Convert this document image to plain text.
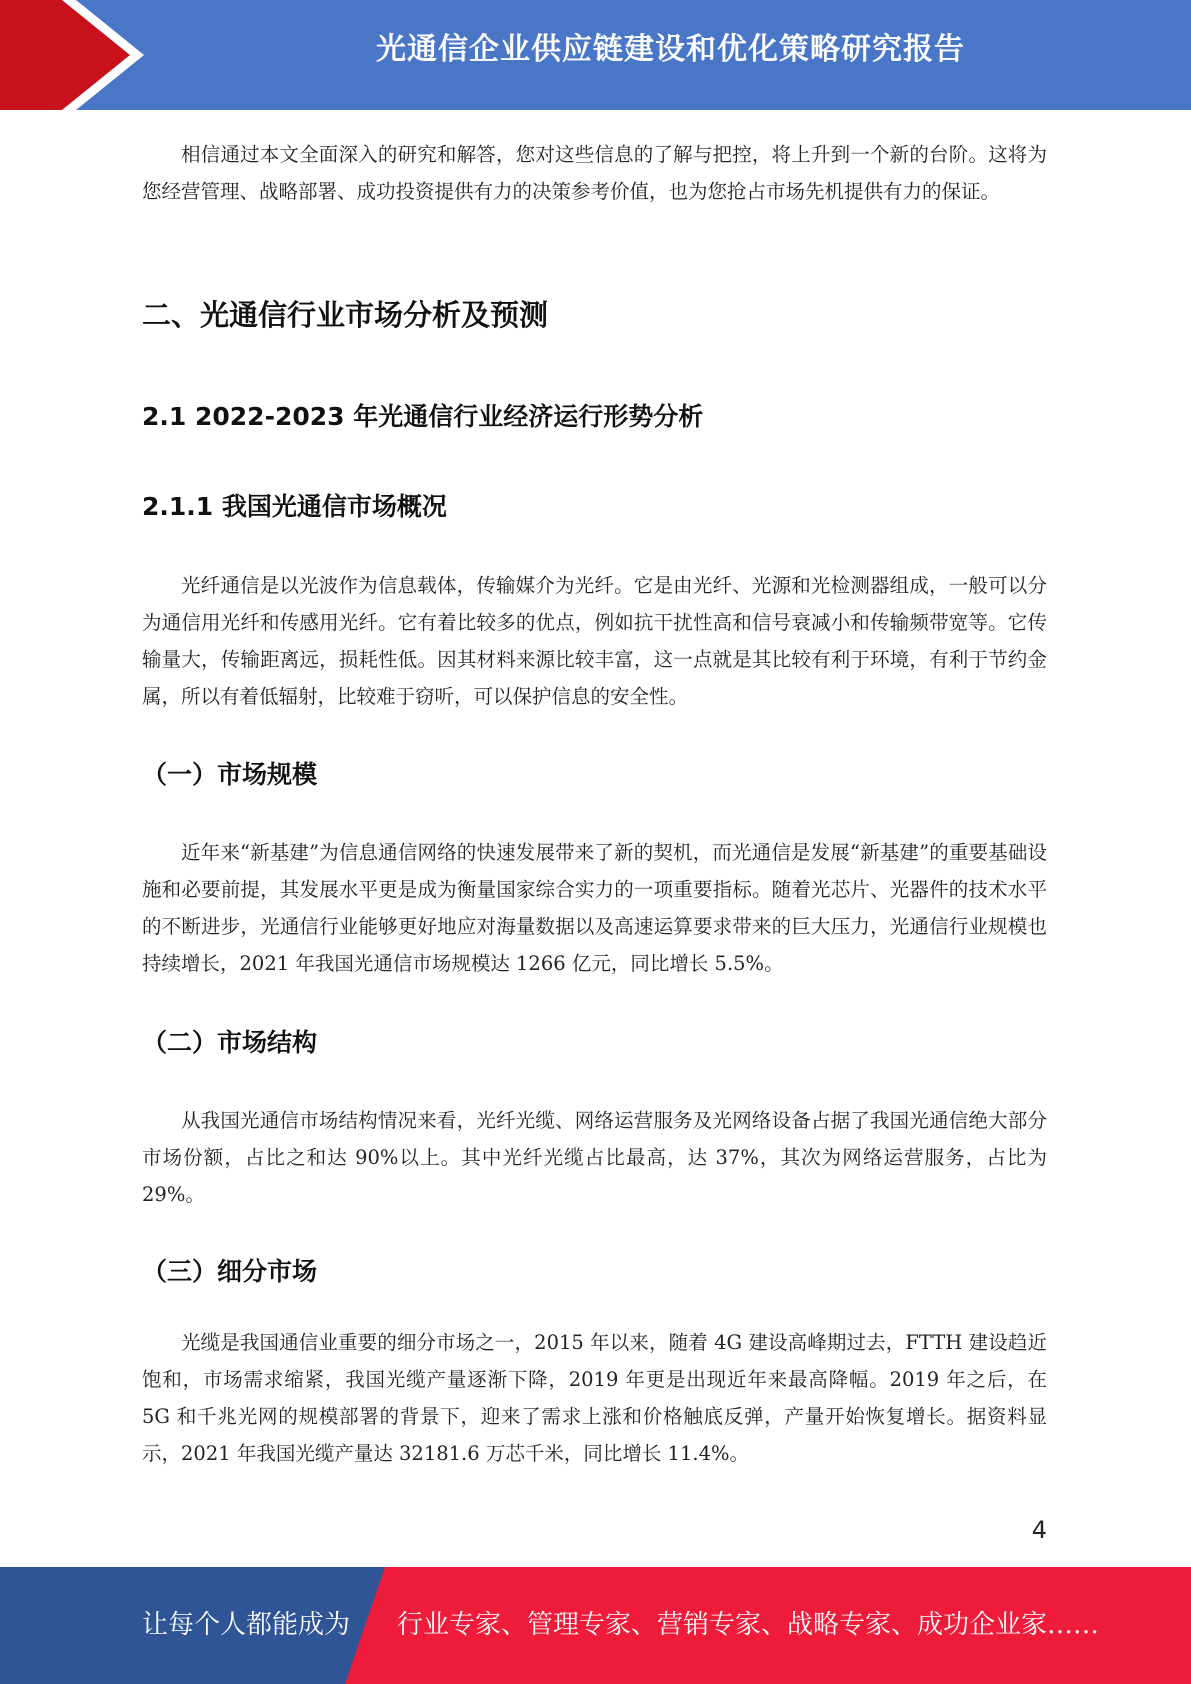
光通信企业供应链建设和优化策略研究报告

相信通过本文全面深入的研究和解答，您对这些信息的了解与把控，将上升到一个新的台阶。这将为您经营管理、战略部署、成功投资提供有力的决策参考价值，也为您抢占市场先机提供有力的保证。

二、光通信行业市场分析及预测
2.1 2022-2023 年光通信行业经济运行形势分析
2.1.1 我国光通信市场概况

光纤通信是以光波作为信息载体，传输媒介为光纤。它是由光纤、光源和光检测器组成，一般可以分为通信用光纤和传感用光纤。它有着比较多的优点，例如抗干扰性高和信号衰减小和传输频带宽等。它传输量大，传输距离远，损耗性低。因其材料来源比较丰富，这一点就是其比较有利于环境，有利于节约金属，所以有着低辐射，比较难于窃听，可以保护信息的安全性。

（一）市场规模

近年来“新基建”为信息通信网络的快速发展带来了新的契机，而光通信是发展“新基建”的重要基础设施和必要前提，其发展水平更是成为衡量国家综合实力的一项重要指标。随着光芯片、光器件的技术水平的不断进步，光通信行业能够更好地应对海量数据以及高速运算要求带来的巨大压力，光通信行业规模也持续增长，2021 年我国光通信市场规模达 1266 亿元，同比增长 5.5%。

（二）市场结构

从我国光通信市场结构情况来看，光纤光缆、网络运营服务及光网络设备占据了我国光通信绝大部分市场份额，占比之和达 90%以上。其中光纤光缆占比最高，达 37%，其次为网络运营服务，占比为 29%。

（三）细分市场

光缆是我国通信业重要的细分市场之一，2015 年以来，随着 4G 建设高峰期过去，FTTH 建设趋近饱和，市场需求缩紧，我国光缆产量逐渐下降，2019 年更是出现近年来最高降幅。2019 年之后，在 5G 和千兆光网的规模部署的背景下，迎来了需求上涨和价格触底反弹，产量开始恢复增长。据资料显示，2021 年我国光缆产量达 32181.6 万芯千米，同比增长 11.4%。

4
让每个人都能成为 行业专家、管理专家、营销专家、战略专家、成功企业家……
